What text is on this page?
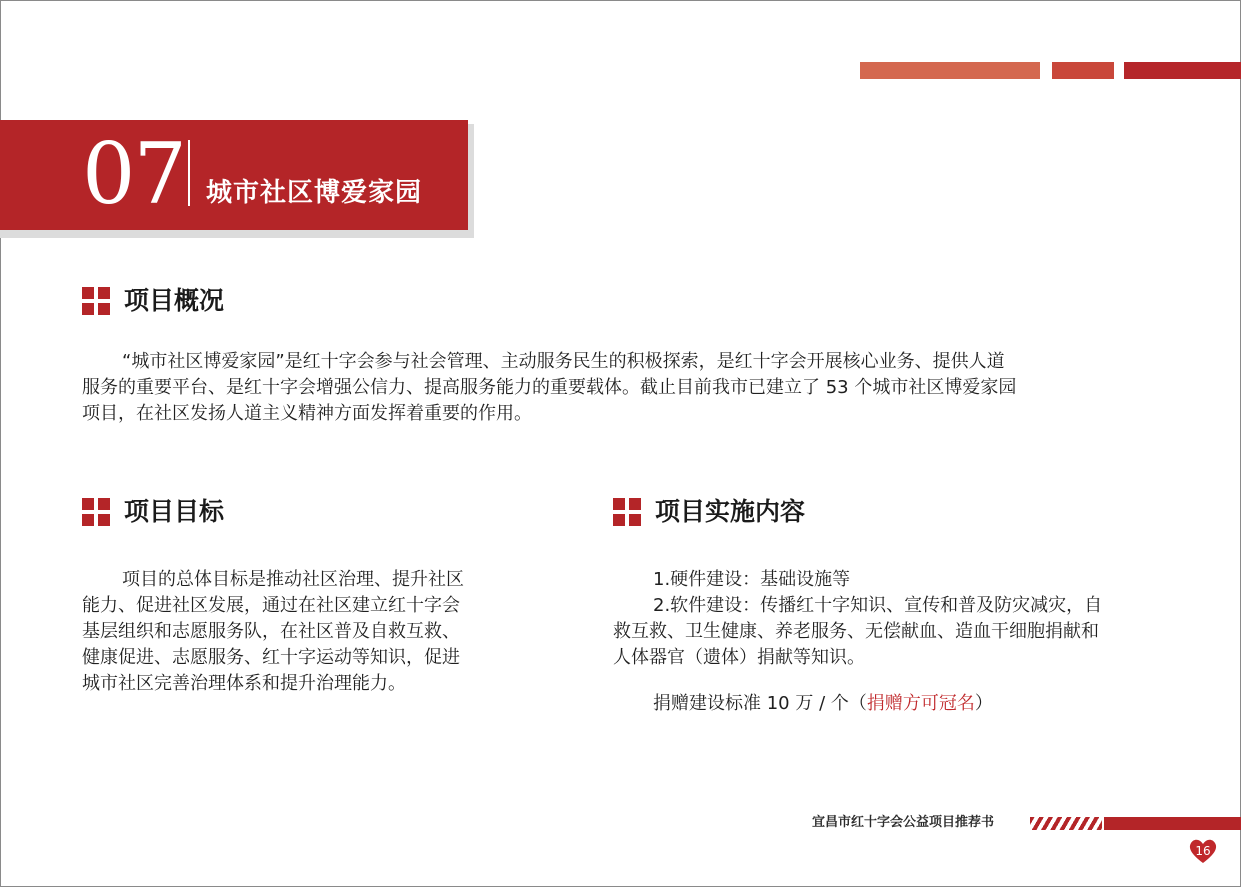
07 城市社区博爱家园
项目概况
“城市社区博爱家园”是红十字会参与社会管理、主动服务民生的积极探索，是红十字会开展核心业务、提供人道
服务的重要平台、是红十字会增强公信力、提高服务能力的重要载体。截止目前我市已建立了 53 个城市社区博爱家园
项目，在社区发扬人道主义精神方面发挥着重要的作用。
项目目标
项目的总体目标是推动社区治理、提升社区
能力、促进社区发展，通过在社区建立红十字会
基层组织和志愿服务队，在社区普及自救互救、
健康促进、志愿服务、红十字运动等知识，促进
城市社区完善治理体系和提升治理能力。
项目实施内容
1.硬件建设：基础设施等
2.软件建设：传播红十字知识、宣传和普及防灾减灾，自
救互救、卫生健康、养老服务、无偿献血、造血干细胞捐献和
人体器官（遗体）捐献等知识。
捐赠建设标准 10 万 / 个（捐赠方可冠名）
宜昌市红十字会公益项目推荐书
16
